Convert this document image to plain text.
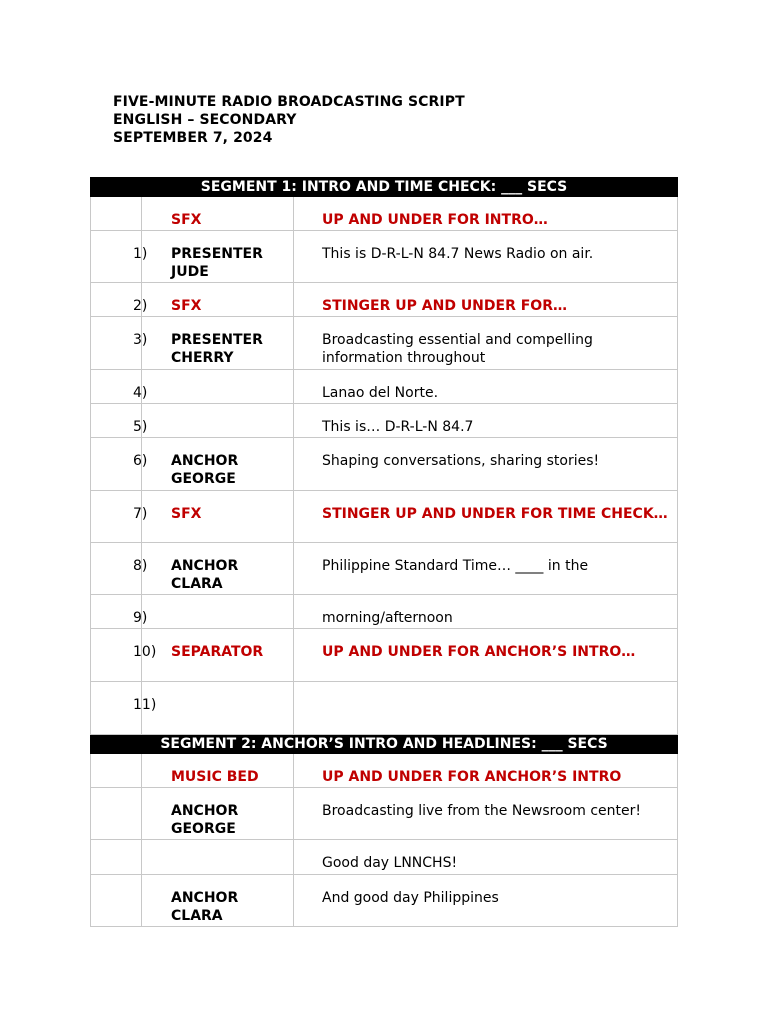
FIVE-MINUTE RADIO BROADCASTING SCRIPT
ENGLISH – SECONDARY
SEPTEMBER 7, 2024
SEGMENT 1: INTRO AND TIME CHECK: ___ SECS		
	SFX	UP AND UNDER FOR INTRO…
1)	PRESENTER JUDE	This is D-R-L-N 84.7 News Radio on air.
2)	SFX	STINGER UP AND UNDER FOR…
3)	PRESENTER CHERRY	Broadcasting essential and compelling information throughout
4)		Lanao del Norte.
5)		This is… D-R-L-N 84.7
6)	ANCHOR GEORGE	Shaping conversations, sharing stories!
7)	SFX	STINGER UP AND UNDER FOR TIME CHECK…
8)	ANCHOR CLARA	Philippine Standard Time… ____ in the
9)		morning/afternoon
10)	SEPARATOR	UP AND UNDER FOR ANCHOR’S INTRO…
11)		
SEGMENT 2: ANCHOR’S INTRO AND HEADLINES: ___ SECS		
	MUSIC BED	UP AND UNDER FOR ANCHOR’S INTRO
	ANCHOR GEORGE	Broadcasting live from the Newsroom center!
		Good day LNNCHS!
	ANCHOR CLARA	And good day Philippines
